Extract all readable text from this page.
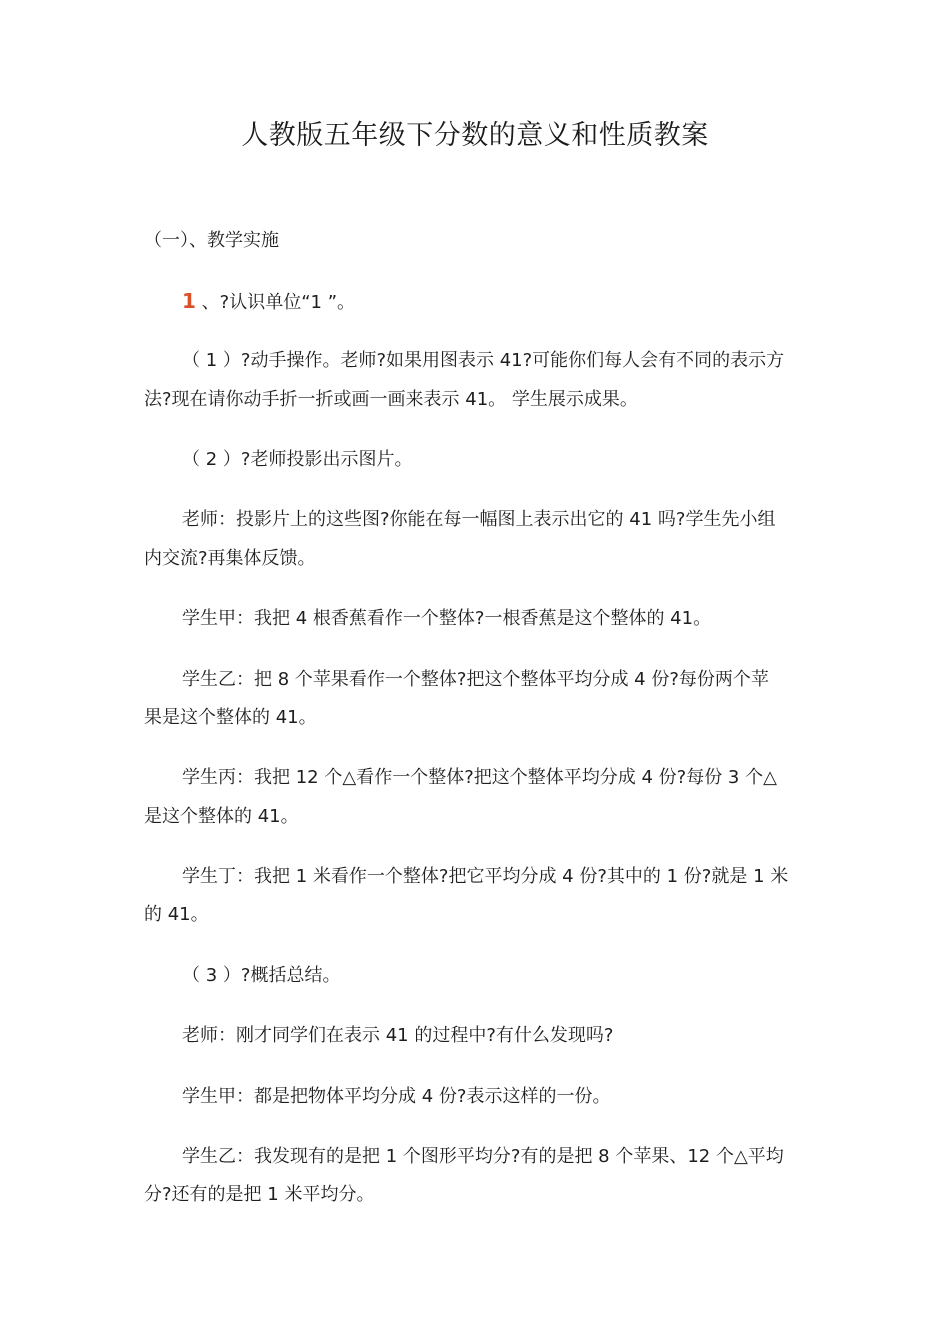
人教版五年级下分数的意义和性质教案
（一）、教学实施
1 、?认识单位“1 ”。
（ 1 ）?动手操作。老师?如果用图表示 41?可能你们每人会有不同的表示方
法?现在请你动手折一折或画一画来表示 41。 学生展示成果。
（ 2 ）?老师投影出示图片。
老师：投影片上的这些图?你能在每一幅图上表示出它的 41 吗?学生先小组
内交流?再集体反馈。
学生甲：我把 4 根香蕉看作一个整体?一根香蕉是这个整体的 41。
学生乙：把 8 个苹果看作一个整体?把这个整体平均分成 4 份?每份两个苹
果是这个整体的 41。
学生丙：我把 12 个△看作一个整体?把这个整体平均分成 4 份?每份 3 个△
是这个整体的 41。
学生丁：我把 1 米看作一个整体?把它平均分成 4 份?其中的 1 份?就是 1 米
的 41。
（ 3 ）?概括总结。
老师：刚才同学们在表示 41 的过程中?有什么发现吗?
学生甲：都是把物体平均分成 4 份?表示这样的一份。
学生乙：我发现有的是把 1 个图形平均分?有的是把 8 个苹果、12 个△平均
分?还有的是把 1 米平均分。
